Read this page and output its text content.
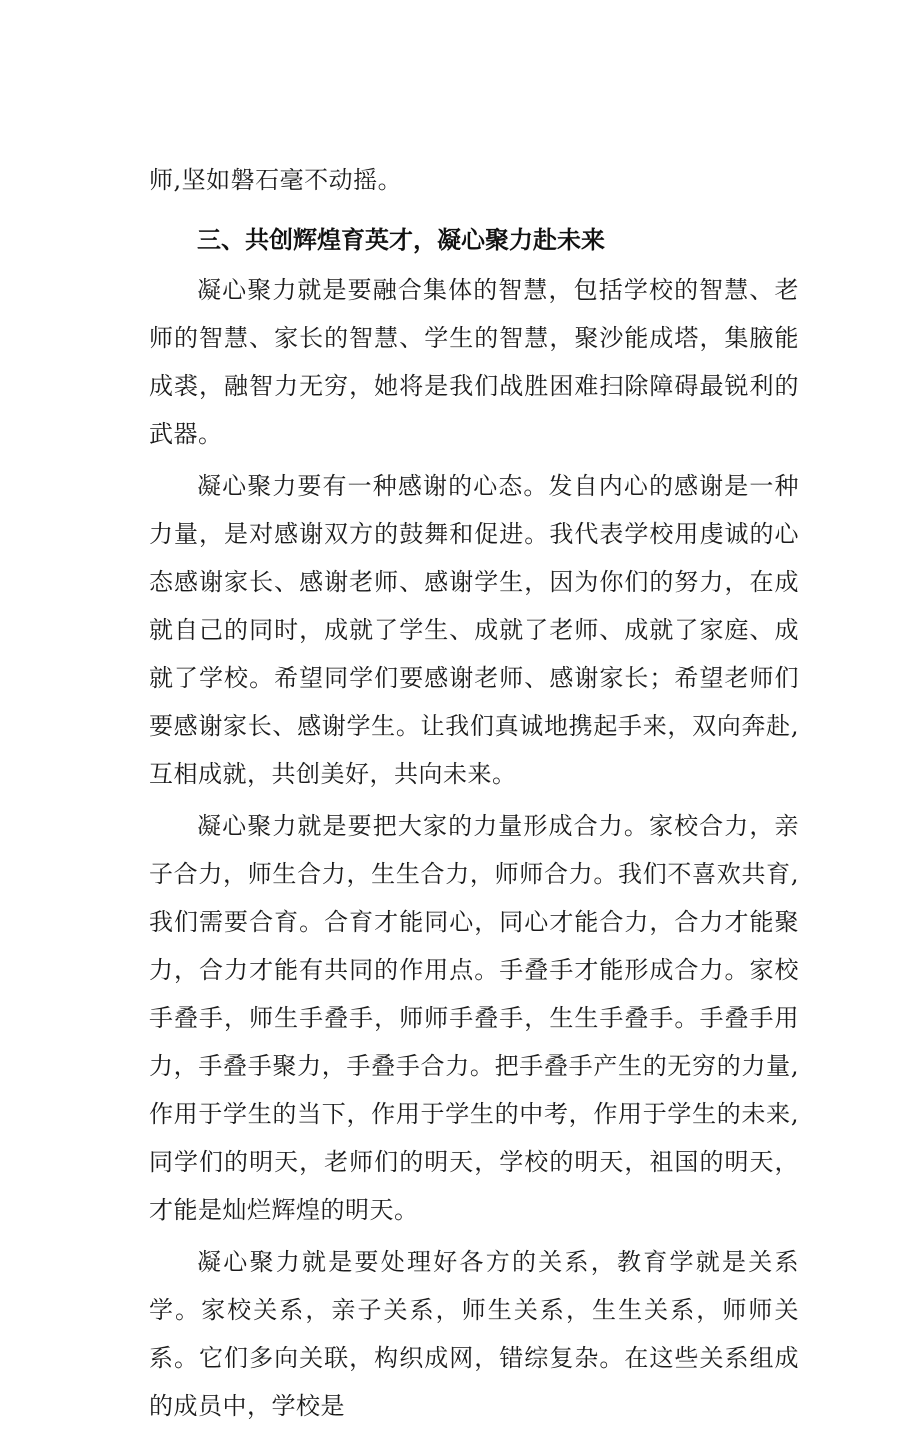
师,坚如磐石毫不动摇。

三、共创辉煌育英才，凝心聚力赴未来

凝心聚力就是要融合集体的智慧，包括学校的智慧、老师的智慧、家长的智慧、学生的智慧，聚沙能成塔，集腋能成裘，融智力无穷，她将是我们战胜困难扫除障碍最锐利的武器。

凝心聚力要有一种感谢的心态。发自内心的感谢是一种力量，是对感谢双方的鼓舞和促进。我代表学校用虔诚的心态感谢家长、感谢老师、感谢学生，因为你们的努力，在成就自己的同时，成就了学生、成就了老师、成就了家庭、成就了学校。希望同学们要感谢老师、感谢家长；希望老师们要感谢家长、感谢学生。让我们真诚地携起手来，双向奔赴,互相成就，共创美好，共向未来。

凝心聚力就是要把大家的力量形成合力。家校合力，亲子合力，师生合力，生生合力，师师合力。我们不喜欢共育,我们需要合育。合育才能同心，同心才能合力，合力才能聚力，合力才能有共同的作用点。手叠手才能形成合力。家校手叠手，师生手叠手，师师手叠手，生生手叠手。手叠手用力，手叠手聚力，手叠手合力。把手叠手产生的无穷的力量,作用于学生的当下，作用于学生的中考，作用于学生的未来,同学们的明天，老师们的明天，学校的明天，祖国的明天，才能是灿烂辉煌的明天。

凝心聚力就是要处理好各方的关系，教育学就是关系学。家校关系，亲子关系，师生关系，生生关系，师师关系。它们多向关联，构织成网，错综复杂。在这些关系组成的成员中，学校是
